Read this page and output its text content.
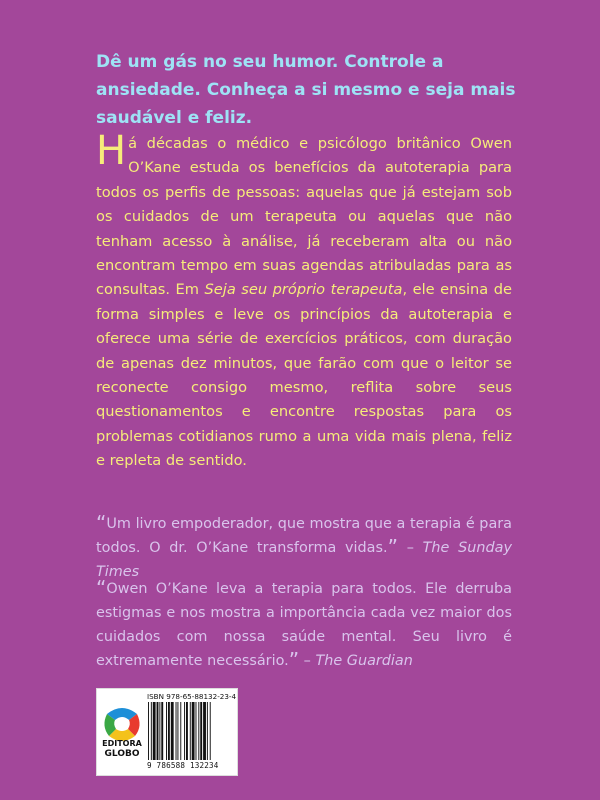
Dê um gás no seu humor. Controle a ansiedade. Conheça a si mesmo e seja mais saudável e feliz.

Há décadas o médico e psicólogo britânico Owen O’Kane estuda os benefícios da autoterapia para todos os perfis de pessoas: aquelas que já estejam sob os cuidados de um terapeuta ou aquelas que não tenham acesso à análise, já receberam alta ou não encontram tempo em suas agendas atribuladas para as consultas. Em Seja seu próprio terapeuta, ele ensina de forma simples e leve os princípios da autoterapia e oferece uma série de exercícios práticos, com duração de apenas dez minutos, que farão com que o leitor se reconecte consigo mesmo, reflita sobre seus questionamentos e encontre respostas para os problemas cotidianos rumo a uma vida mais plena, feliz e repleta de sentido.

“Um livro empoderador, que mostra que a terapia é para todos. O dr. O’Kane transforma vidas.” – The Sunday Times

“Owen O’Kane leva a terapia para todos. Ele derruba estigmas e nos mostra a importância cada vez maior dos cuidados com nossa saúde mental. Seu livro é extremamente necessário.” – The Guardian

EDITORA
GLOBO
ISBN 978-65-88132-23-4
9 786588 132234
